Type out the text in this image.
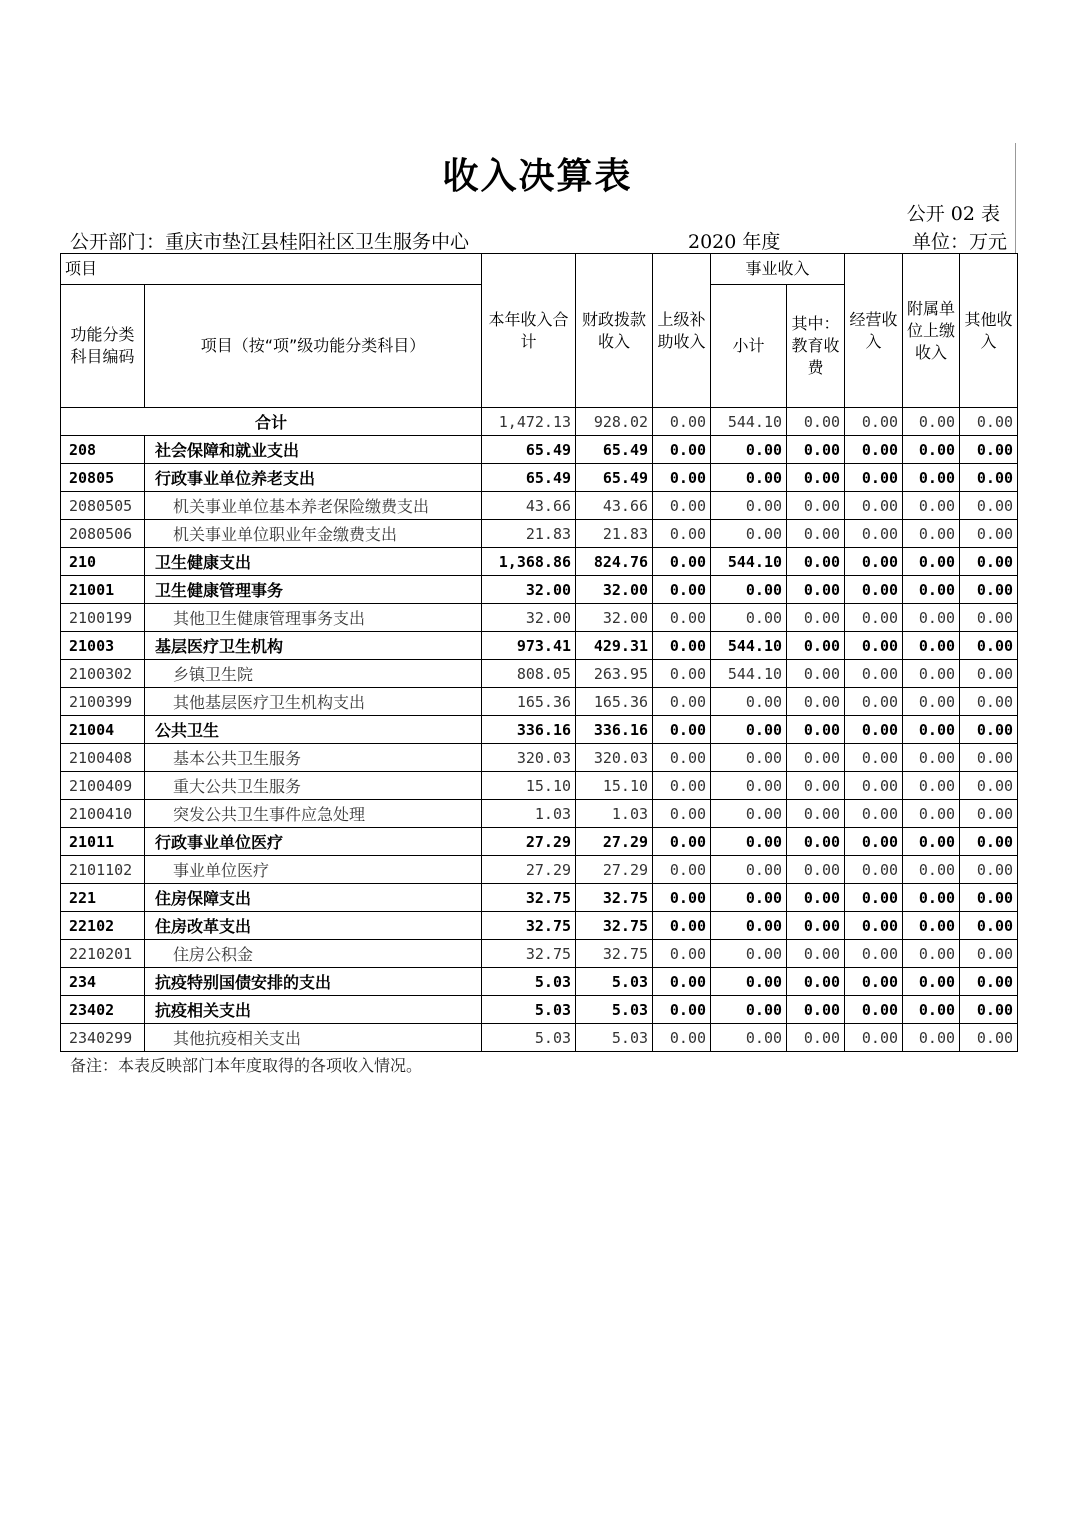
收入决算表
公开 02 表
公开部门：重庆市垫江县桂阳社区卫生服务中心	2020 年度	单位：万元
项目		本年收入合计	财政拨款收入	上级补助收入	事业收入		经营收入	附属单位上缴收入	其他收入
功能分类科目编码	项目（按“项”级功能分类科目）								
					小计	其中：教育收费			
合计		1,472.13	928.02	0.00	544.10	0.00	0.00	0.00	0.00
208	社会保障和就业支出	65.49	65.49	0.00	0.00	0.00	0.00	0.00	0.00
20805	行政事业单位养老支出	65.49	65.49	0.00	0.00	0.00	0.00	0.00	0.00
2080505	机关事业单位基本养老保险缴费支出	43.66	43.66	0.00	0.00	0.00	0.00	0.00	0.00
2080506	机关事业单位职业年金缴费支出	21.83	21.83	0.00	0.00	0.00	0.00	0.00	0.00
210	卫生健康支出	1,368.86	824.76	0.00	544.10	0.00	0.00	0.00	0.00
21001	卫生健康管理事务	32.00	32.00	0.00	0.00	0.00	0.00	0.00	0.00
2100199	其他卫生健康管理事务支出	32.00	32.00	0.00	0.00	0.00	0.00	0.00	0.00
21003	基层医疗卫生机构	973.41	429.31	0.00	544.10	0.00	0.00	0.00	0.00
2100302	乡镇卫生院	808.05	263.95	0.00	544.10	0.00	0.00	0.00	0.00
2100399	其他基层医疗卫生机构支出	165.36	165.36	0.00	0.00	0.00	0.00	0.00	0.00
21004	公共卫生	336.16	336.16	0.00	0.00	0.00	0.00	0.00	0.00
2100408	基本公共卫生服务	320.03	320.03	0.00	0.00	0.00	0.00	0.00	0.00
2100409	重大公共卫生服务	15.10	15.10	0.00	0.00	0.00	0.00	0.00	0.00
2100410	突发公共卫生事件应急处理	1.03	1.03	0.00	0.00	0.00	0.00	0.00	0.00
21011	行政事业单位医疗	27.29	27.29	0.00	0.00	0.00	0.00	0.00	0.00
2101102	事业单位医疗	27.29	27.29	0.00	0.00	0.00	0.00	0.00	0.00
221	住房保障支出	32.75	32.75	0.00	0.00	0.00	0.00	0.00	0.00
22102	住房改革支出	32.75	32.75	0.00	0.00	0.00	0.00	0.00	0.00
2210201	住房公积金	32.75	32.75	0.00	0.00	0.00	0.00	0.00	0.00
234	抗疫特别国债安排的支出	5.03	5.03	0.00	0.00	0.00	0.00	0.00	0.00
23402	抗疫相关支出	5.03	5.03	0.00	0.00	0.00	0.00	0.00	0.00
2340299	其他抗疫相关支出	5.03	5.03	0.00	0.00	0.00	0.00	0.00	0.00
备注：本表反映部门本年度取得的各项收入情况。
